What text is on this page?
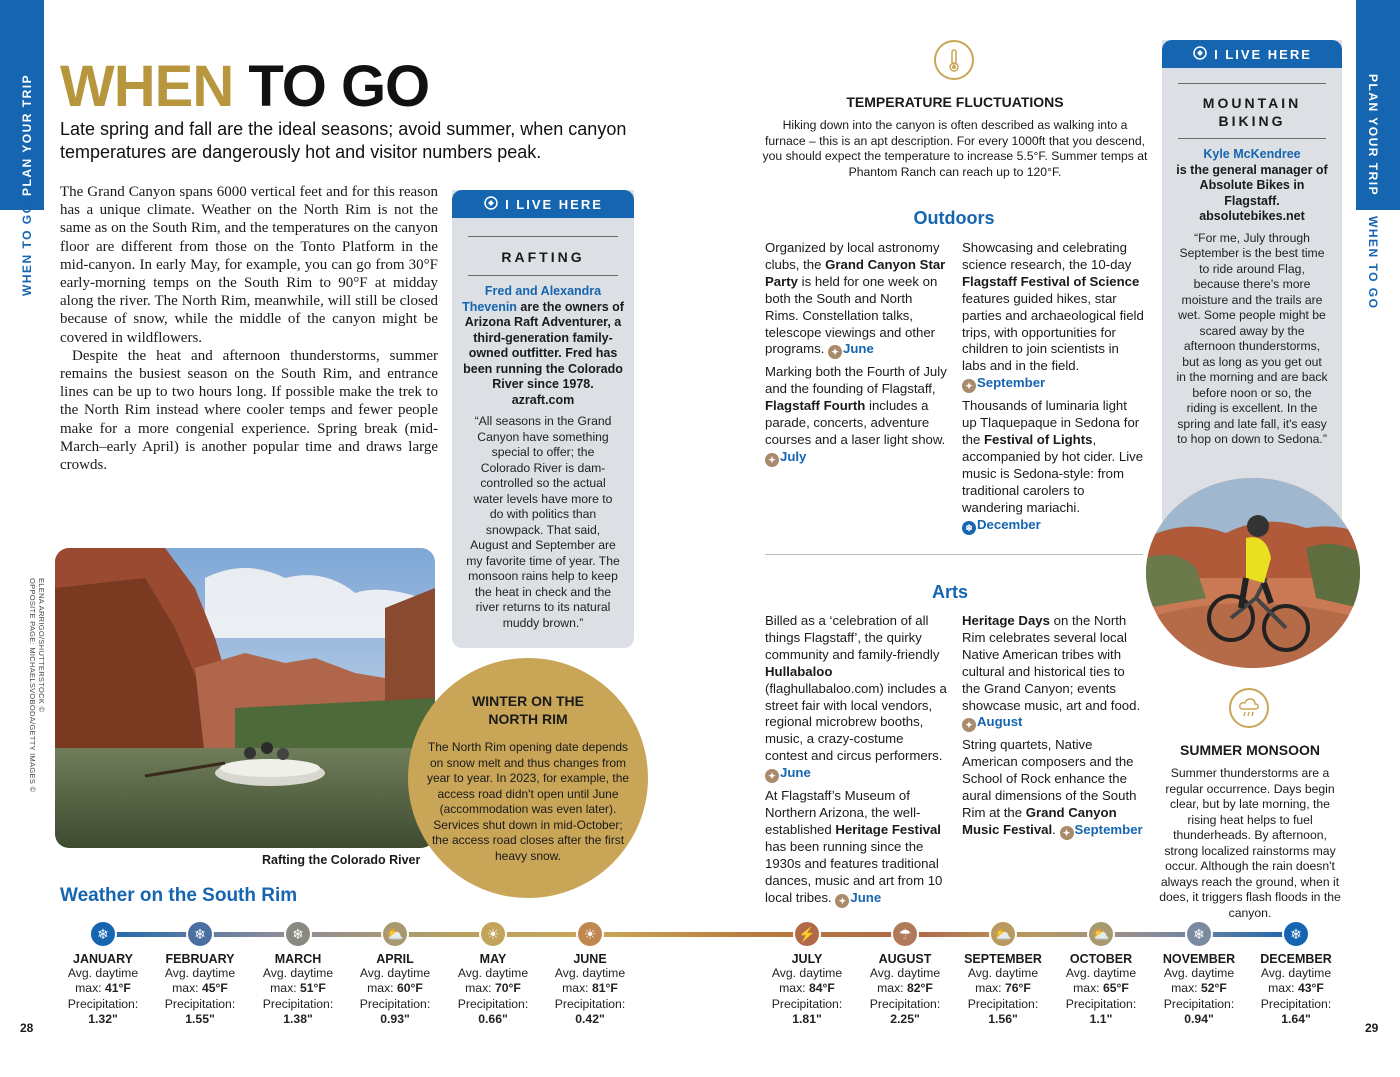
PLAN YOUR TRIP
WHEN TO GO
PLAN YOUR TRIP
WHEN TO GO
WHEN TO GO
Late spring and fall are the ideal seasons; avoid summer, when canyon temperatures are dangerously hot and visitor numbers peak.

The Grand Canyon spans 6000 vertical feet and for this reason has a unique climate. Weather on the North Rim is not the same as on the South Rim, and the temperatures on the canyon floor are different from those on the Tonto Platform in the mid-canyon. In early May, for example, you can go from 30°F early-morning temps on the South Rim to 90°F at midday along the river. The North Rim, meanwhile, will still be closed because of snow, while the middle of the canyon might be covered in wildflowers.

Despite the heat and afternoon thunderstorms, summer remains the busiest season on the South Rim, and entrance lines can be up to two hours long. If possible make the trek to the North Rim instead where cooler temps and fewer people make for a more congenial experience. Spring break (mid-March–early April) is another popular time and draws large crowds.

I LIVE HERE
RAFTING
Fred and Alexandra Thevenin are the owners of Arizona Raft Adventurer, a third-generation family-owned outfitter. Fred has been running the Colorado River since 1978.
azraft.com
“All seasons in the Grand Canyon have something special to offer; the Colorado River is dam-controlled so the actual water levels have more to do with politics than snowpack. That said, August and September are my favorite time of year. The monsoon rains help to keep the heat in check and the river returns to its natural muddy brown.”
Rafting the Colorado River
ELENA ARRIGO/SHUTTERSTOCK ©
OPPOSITE PAGE: MICHAELSVOBODA/GETTY IMAGES ©	WINTER ON THE NORTH RIM
The North Rim opening date depends on snow melt and thus changes from year to year. In 2023, for example, the access road didn't open until June (accommodation was even later). Services shut down in mid-October; the access road closes after the first heavy snow.
TEMPERATURE FLUCTUATIONS
Hiking down into the canyon is often described as walking into a furnace – this is an apt description. For every 1000ft that you descend, you should expect the temperature to increase 5.5°F. Summer temps at Phantom Ranch can reach up to 120°F.
Outdoors

Organized by local astronomy clubs, the Grand Canyon Star Party is held for one week on both the South and North Rims. Constellation talks, telescope viewings and other programs. ✦ June

Marking both the Fourth of July and the founding of Flagstaff, Flagstaff Fourth includes a parade, concerts, adventure courses and a laser light show. ✦ July

Showcasing and celebrating science research, the 10-day Flagstaff Festival of Science features guided hikes, star parties and archaeological field trips, with opportunities for children to join scientists in labs and in the field. ✦ September

Thousands of luminaria light up Tlaquepaque in Sedona for the Festival of Lights, accompanied by hot cider. Live music is Sedona-style: from traditional carolers to wandering mariachi. ❄ December

Arts

Billed as a ‘celebration of all things Flagstaff’, the quirky community and family-friendly Hullabaloo (flaghullabaloo.com) includes a street fair with local vendors, regional microbrew booths, music, a crazy-costume contest and circus performers. ✦ June

At Flagstaff’s Museum of Northern Arizona, the well-established Heritage Festival has been running since the 1930s and features traditional dances, music and art from 10 local tribes. ✦ June

Heritage Days on the North Rim celebrates several local Native American tribes with cultural and historical ties to the Grand Canyon; events showcase music, art and food. ✦ August

String quartets, Native American composers and the School of Rock enhance the aural dimensions of the South Rim at the Grand Canyon Music Festival. ✦ September

I LIVE HERE
MOUNTAIN BIKING
Kyle McKendree
is the general manager of Absolute Bikes in Flagstaff.
absolutebikes.net
“For me, July through September is the best time to ride around Flag, because there's more moisture and the trails are wet. Some people might be scared away by the afternoon thunderstorms, but as long as you get out in the morning and are back before noon or so, the riding is excellent. In the spring and late fall, it's easy to hop on down to Sedona.”
SUMMER MONSOON
Summer thunderstorms are a regular occurrence. Days begin clear, but by late morning, the rising heat helps to fuel thunderheads. By afternoon, strong localized rainstorms may occur. Although the rain doesn't always reach the ground, when it does, it triggers flash floods in the canyon.
Weather on the South Rim
❄
JANUARY
Avg. daytime
max: 41°F
Precipitation:
1.32"
❄
FEBRUARY
Avg. daytime
max: 45°F
Precipitation:
1.55"
❄
MARCH
Avg. daytime
max: 51°F
Precipitation:
1.38"
⛅
APRIL
Avg. daytime
max: 60°F
Precipitation:
0.93"
☀
MAY
Avg. daytime
max: 70°F
Precipitation:
0.66"
☀
JUNE
Avg. daytime
max: 81°F
Precipitation:
0.42"
⚡
JULY
Avg. daytime
max: 84°F
Precipitation:
1.81"
☂
AUGUST
Avg. daytime
max: 82°F
Precipitation:
2.25"
⛅
SEPTEMBER
Avg. daytime
max: 76°F
Precipitation:
1.56"
⛅
OCTOBER
Avg. daytime
max: 65°F
Precipitation:
1.1"
❄
NOVEMBER
Avg. daytime
max: 52°F
Precipitation:
0.94"
❄
DECEMBER
Avg. daytime
max: 43°F
Precipitation:
1.64"
28	29
